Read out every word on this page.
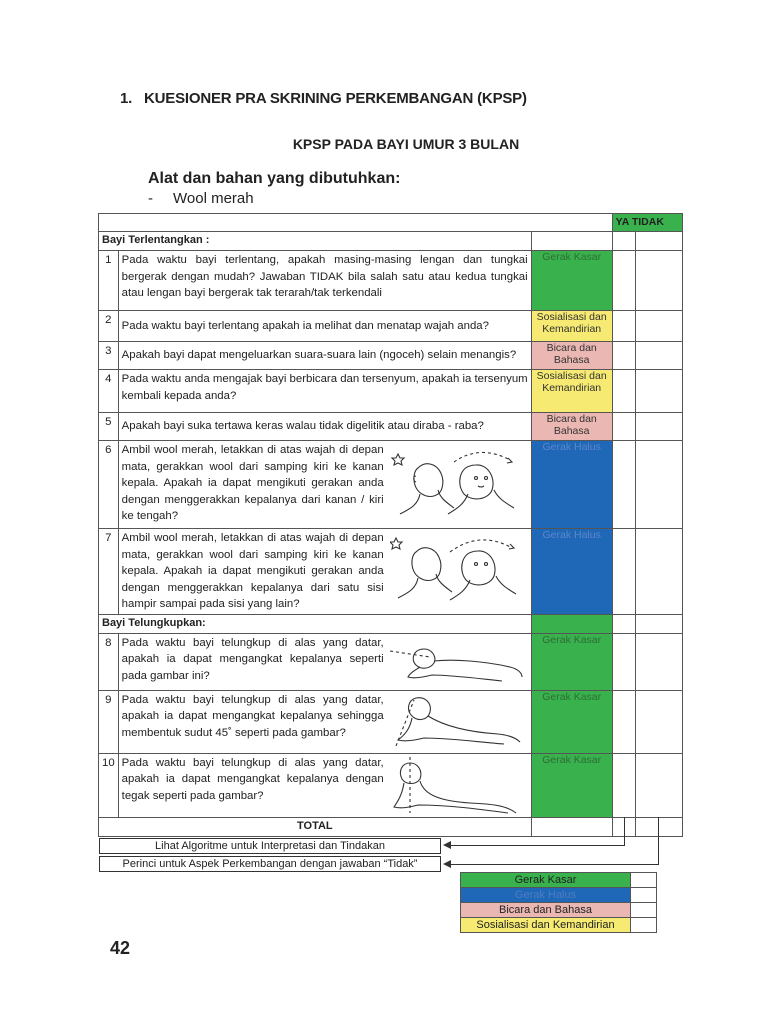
1. KUESIONER PRA SKRINING PERKEMBANGAN (KPSP)
KPSP PADA BAYI UMUR 3 BULAN
Alat dan bahan yang dibutuhkan:
- Wool merah
			YA TIDAK	
Bayi Terlentangkan :				
1	Pada waktu bayi terlentang, apakah masing-masing lengan dan tungkai bergerak dengan mudah? Jawaban TIDAK bila salah satu atau kedua tungkai atau lengan bayi bergerak tak terarah/tak terkendali	Gerak Kasar		
2	Pada waktu bayi terlentang apakah ia melihat dan menatap wajah anda?	Sosialisasi dan Kemandirian		
3	Apakah bayi dapat mengeluarkan suara-suara lain (ngoceh) selain menangis?	Bicara dan Bahasa		
4	Pada waktu anda mengajak bayi berbicara dan tersenyum, apakah ia tersenyum kembali kepada anda?	Sosialisasi dan Kemandirian		
5	Apakah bayi suka tertawa keras walau tidak digelitik atau diraba - raba?	Bicara dan Bahasa		
6	Ambil wool merah, letakkan di atas wajah di depan mata, gerakkan wool dari samping kiri ke kanan kepala. Apakah ia dapat mengikuti gerakan anda dengan menggerakkan kepalanya dari kanan / kiri ke tengah?	Gerak Halus		
7	Ambil wool merah, letakkan di atas wajah di depan mata, gerakkan wool dari samping kiri ke kanan kepala. Apakah ia dapat mengikuti gerakan anda dengan menggerakkan kepalanya dari satu sisi hampir sampai pada sisi yang lain?	Gerak Halus		
Bayi Telungkupkan:				
8	Pada waktu bayi telungkup di alas yang datar, apakah ia dapat mengangkat kepalanya seperti pada gambar ini?	Gerak Kasar		
9	Pada waktu bayi telungkup di alas yang datar, apakah ia dapat mengangkat kepalanya sehingga membentuk sudut 45˚ seperti pada gambar?	Gerak Kasar		
10	Pada waktu bayi telungkup di alas yang datar, apakah ia dapat mengangkat kepalanya dengan tegak seperti pada gambar?	Gerak Kasar		
TOTAL				
Lihat Algoritme untuk Interpretasi dan Tindakan
Perinci untuk Aspek Perkembangan dengan jawaban “Tidak”
Gerak Kasar	
Gerak Halus	
Bicara dan Bahasa	
Sosialisasi dan Kemandirian	
42
